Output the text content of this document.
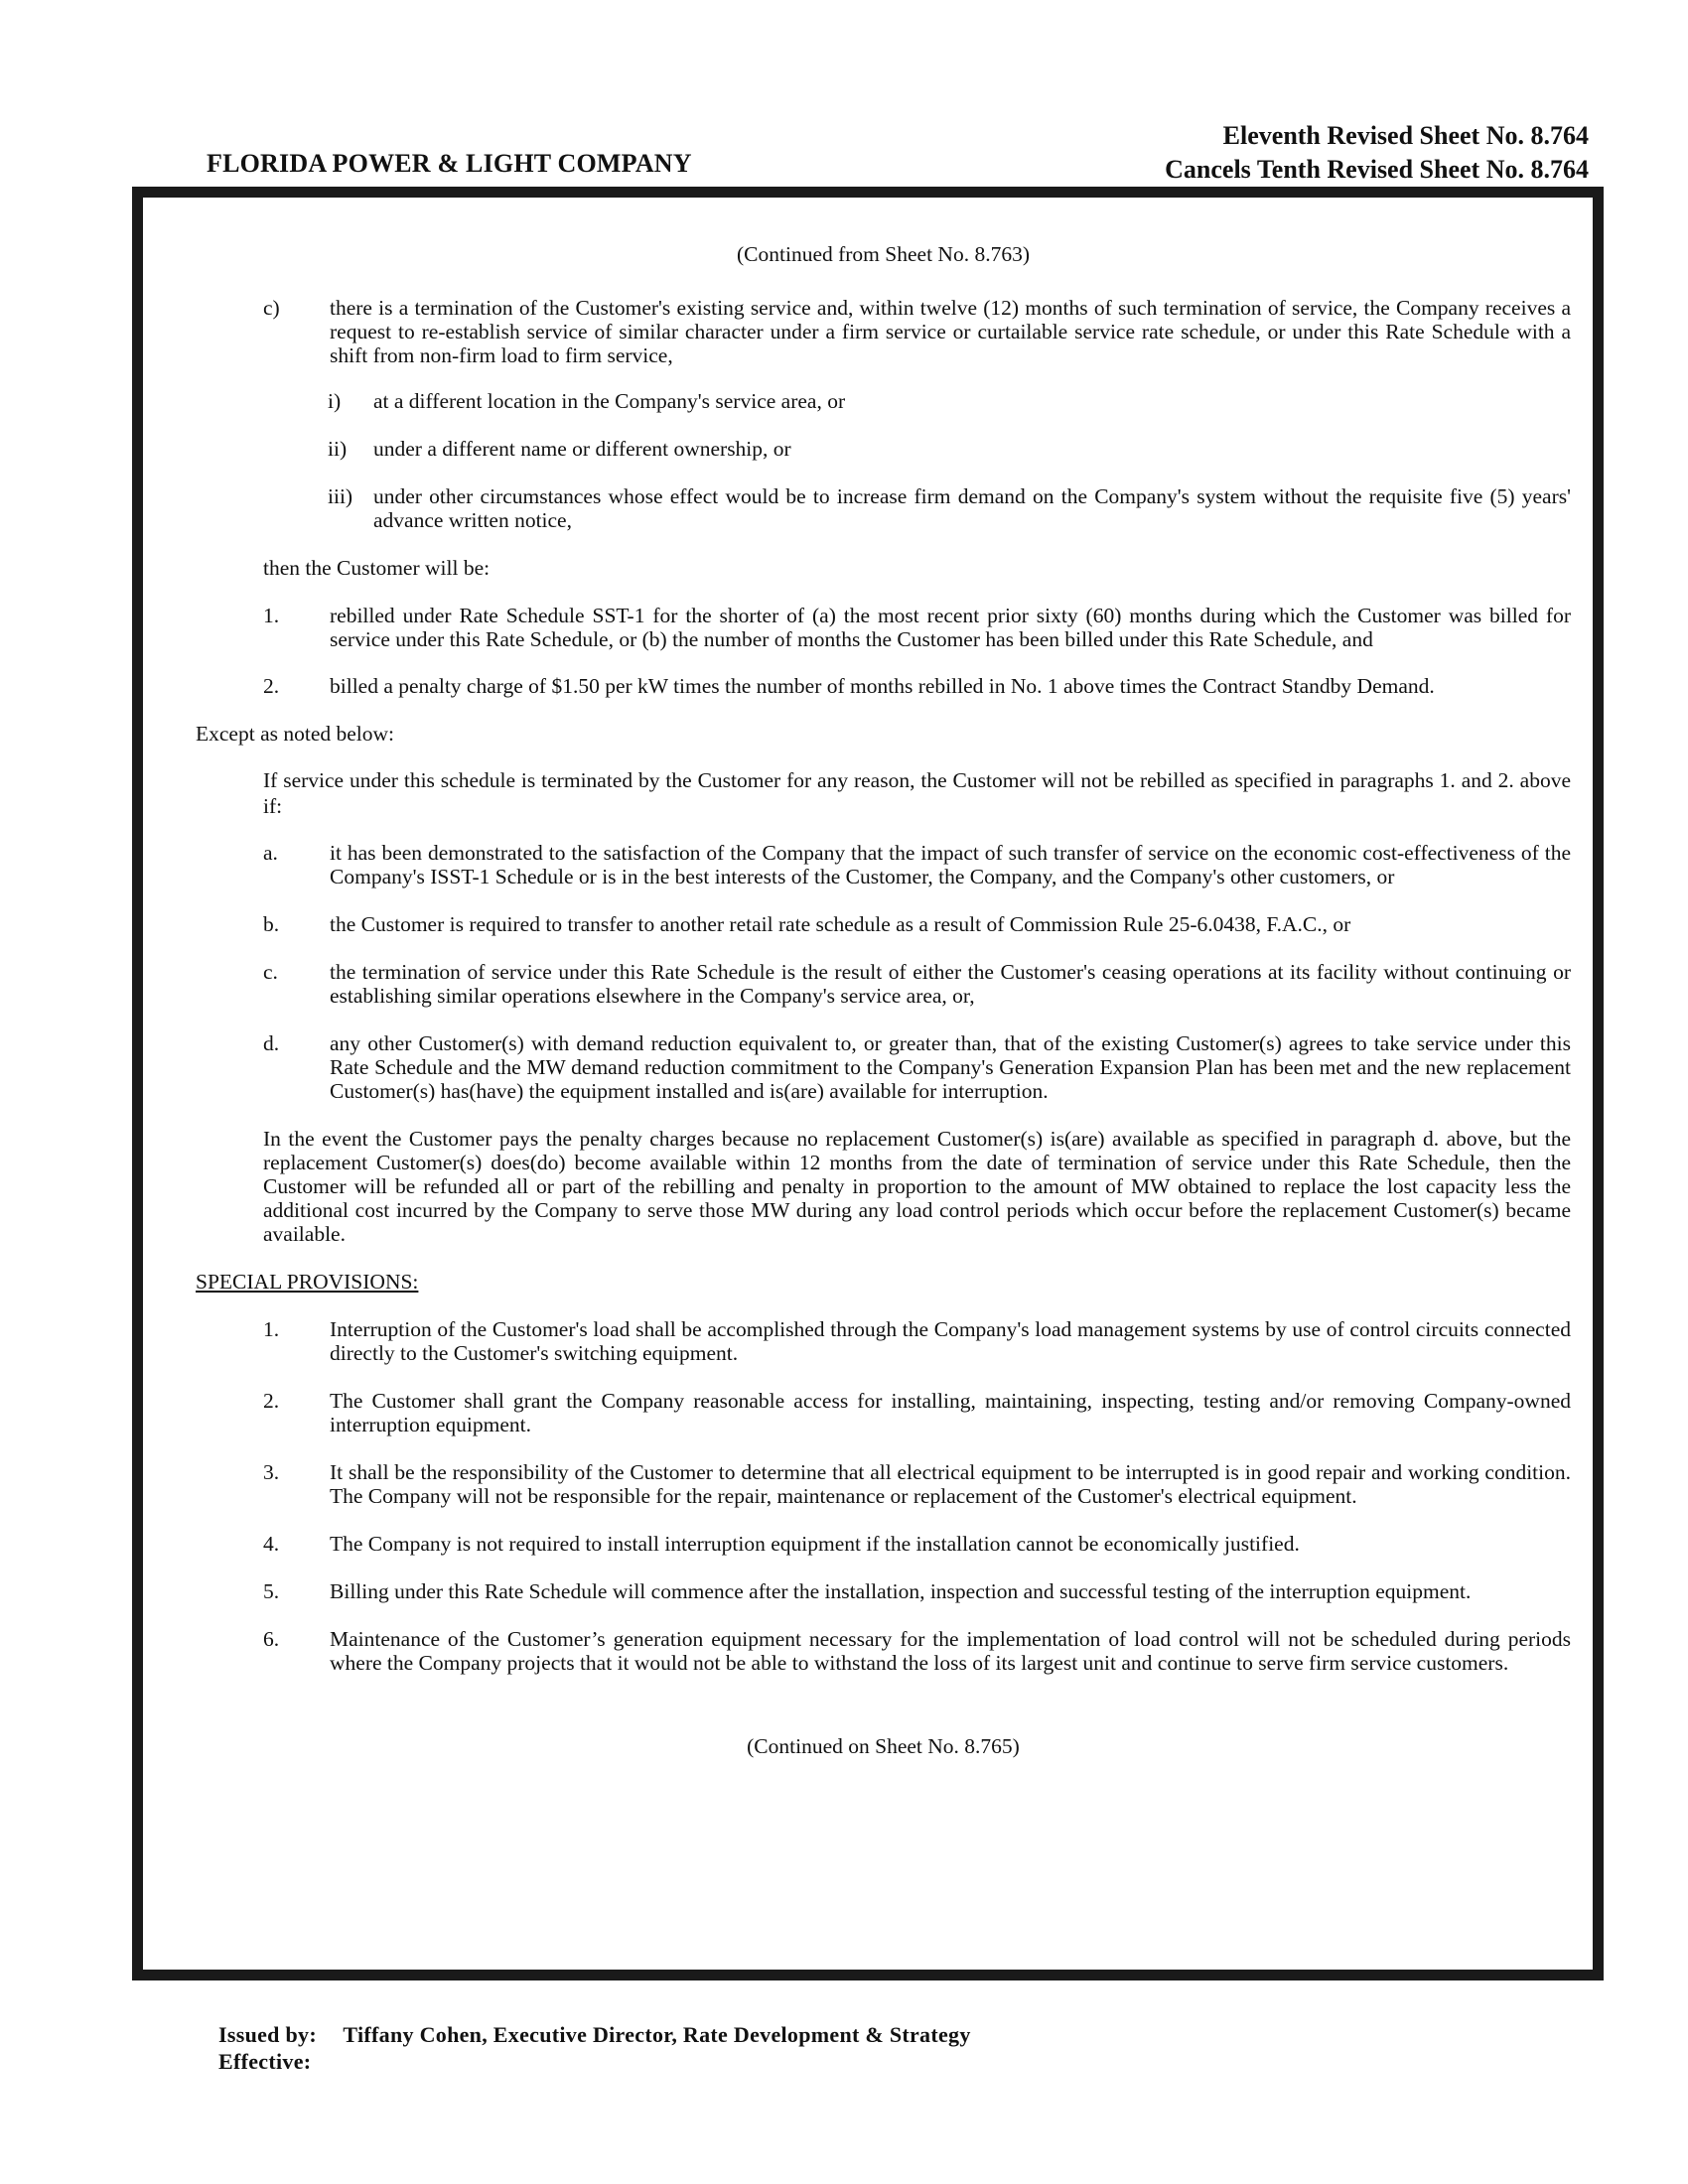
FLORIDA POWER & LIGHT COMPANY
Eleventh Revised Sheet No. 8.764
Cancels Tenth Revised Sheet No. 8.764

(Continued from Sheet No. 8.763)

c)	there is a termination of the Customer's existing service and, within twelve (12) months of such termination of service, the Company receives a request to re-establish service of similar character under a firm service or curtailable service rate schedule, or under this Rate Schedule with a shift from non-firm load to firm service,
i)	at a different location in the Company's service area, or
ii)	under a different name or different ownership, or
iii) under other circumstances whose effect would be to increase firm demand on the Company's system without the requisite five (5) years' advance written notice,

then the Customer will be:

1.	rebilled under Rate Schedule SST-1 for the shorter of (a) the most recent prior sixty (60) months during which the Customer was billed for service under this Rate Schedule, or (b) the number of months the Customer has been billed under this Rate Schedule, and
2.	billed a penalty charge of $1.50 per kW times the number of months rebilled in No. 1 above times the Contract Standby Demand.

Except as noted below:

If service under this schedule is terminated by the Customer for any reason, the Customer will not be rebilled as specified in paragraphs 1. and 2. above if:

a.	it has been demonstrated to the satisfaction of the Company that the impact of such transfer of service on the economic cost-effectiveness of the Company's ISST-1 Schedule or is in the best interests of the Customer, the Company, and the Company's other customers, or
b.	the Customer is required to transfer to another retail rate schedule as a result of Commission Rule 25-6.0438, F.A.C., or
c.	the termination of service under this Rate Schedule is the result of either the Customer's ceasing operations at its facility without continuing or establishing similar operations elsewhere in the Company's service area, or,
d.	any other Customer(s) with demand reduction equivalent to, or greater than, that of the existing Customer(s) agrees to take service under this Rate Schedule and the MW demand reduction commitment to the Company's Generation Expansion Plan has been met and the new replacement Customer(s) has(have) the equipment installed and is(are) available for interruption.

In the event the Customer pays the penalty charges because no replacement Customer(s) is(are) available as specified in paragraph d. above, but the replacement Customer(s) does(do) become available within 12 months from the date of termination of service under this Rate Schedule, then the Customer will be refunded all or part of the rebilling and penalty in proportion to the amount of MW obtained to replace the lost capacity less the additional cost incurred by the Company to serve those MW during any load control periods which occur before the replacement Customer(s) became available.

SPECIAL PROVISIONS:

1.	Interruption of the Customer's load shall be accomplished through the Company's load management systems by use of control circuits connected directly to the Customer's switching equipment.
2.	The Customer shall grant the Company reasonable access for installing, maintaining, inspecting, testing and/or removing Company-owned interruption equipment.
3.	It shall be the responsibility of the Customer to determine that all electrical equipment to be interrupted is in good repair and working condition. The Company will not be responsible for the repair, maintenance or replacement of the Customer's electrical equipment.
4.	The Company is not required to install interruption equipment if the installation cannot be economically justified.
5.	Billing under this Rate Schedule will commence after the installation, inspection and successful testing of the interruption equipment.
6.	Maintenance of the Customer’s generation equipment necessary for the implementation of load control will not be scheduled during periods where the Company projects that it would not be able to withstand the loss of its largest unit and continue to serve firm service customers.

(Continued on Sheet No. 8.765)

Issued by: Tiffany Cohen, Executive Director, Rate Development & Strategy
Effective:
